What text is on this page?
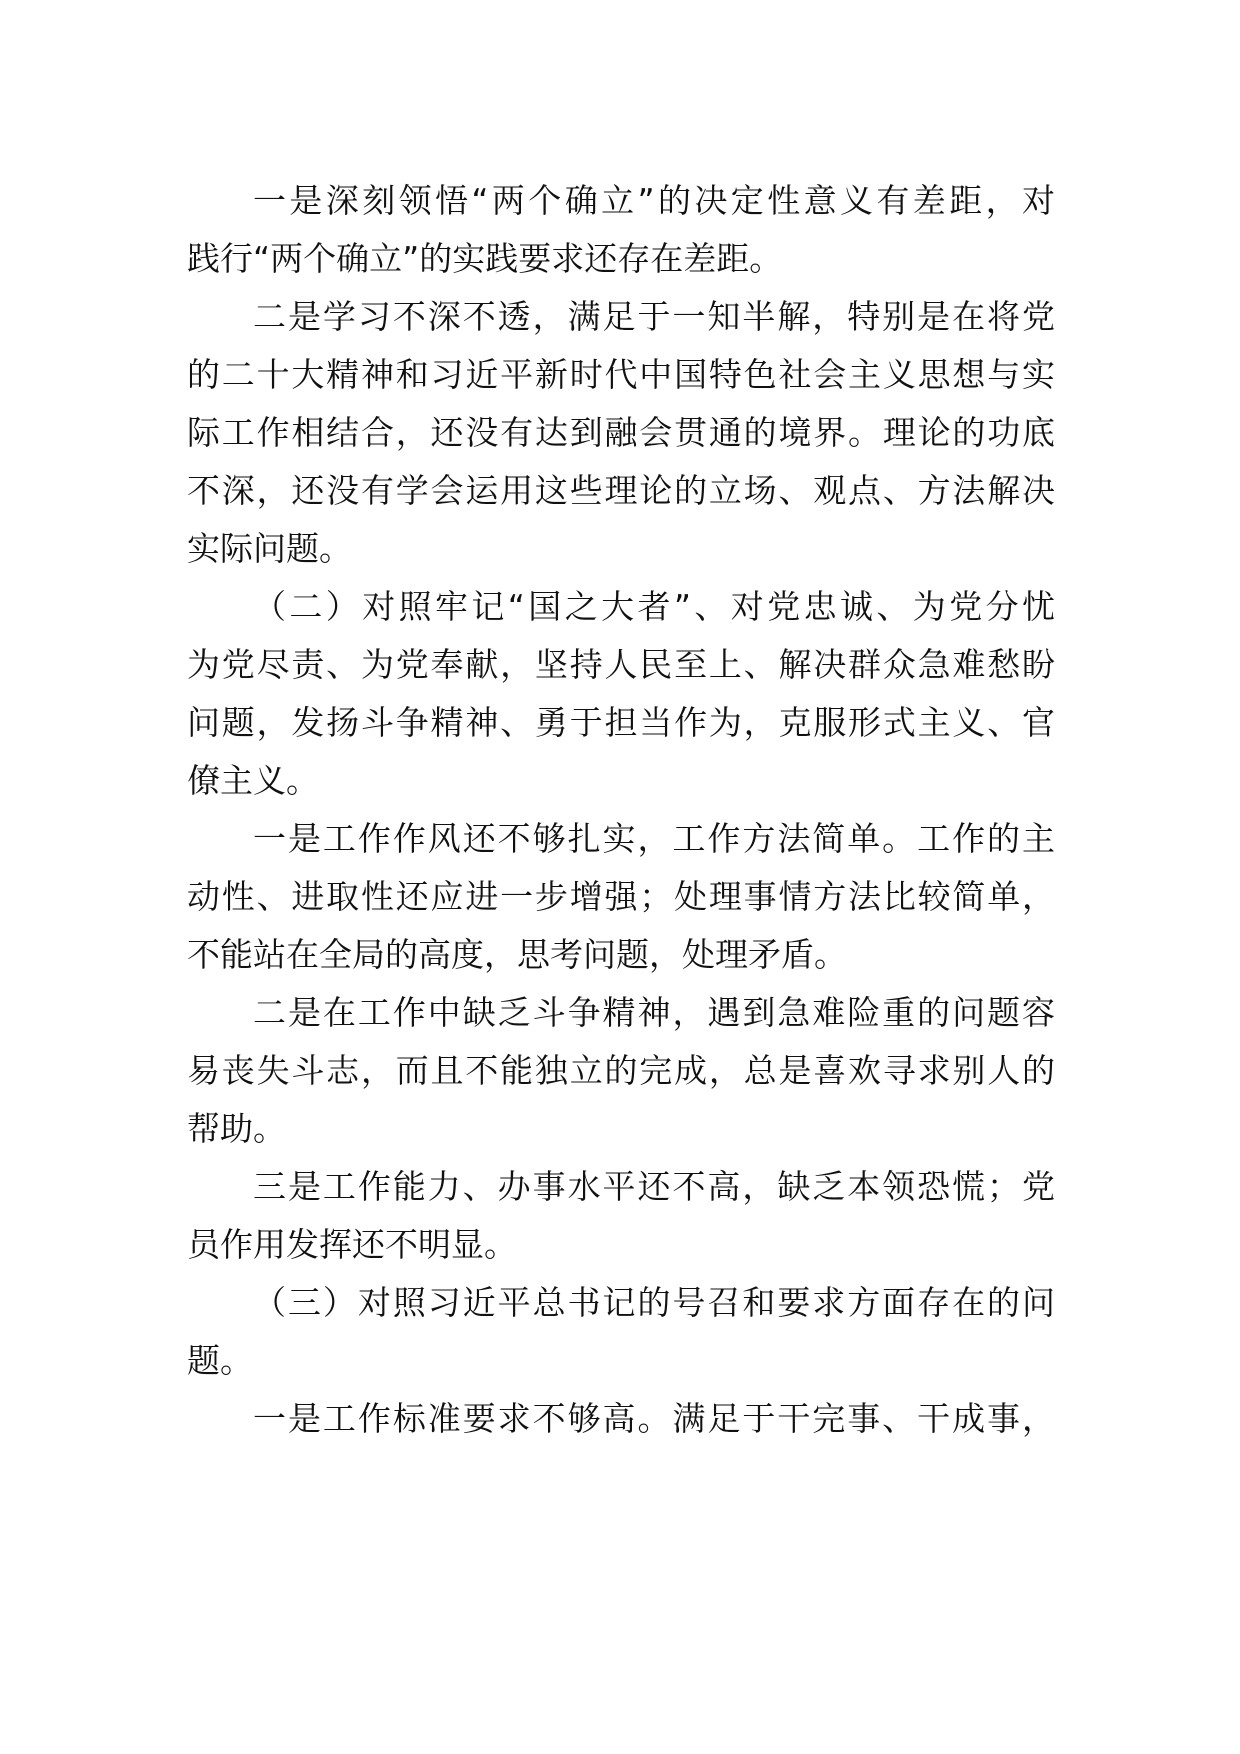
一是深刻领悟“两个确立”的决定性意义有差距，对
践行“两个确立”的实践要求还存在差距。
二是学习不深不透，满足于一知半解，特别是在将党
的二十大精神和习近平新时代中国特色社会主义思想与实
际工作相结合，还没有达到融会贯通的境界。理论的功底
不深，还没有学会运用这些理论的立场、观点、方法解决
实际问题。
（二）对照牢记“国之大者”、对党忠诚、为党分忧
为党尽责、为党奉献，坚持人民至上、解决群众急难愁盼
问题，发扬斗争精神、勇于担当作为，克服形式主义、官
僚主义。
一是工作作风还不够扎实，工作方法简单。工作的主
动性、进取性还应进一步增强；处理事情方法比较简单，
不能站在全局的高度，思考问题，处理矛盾。
二是在工作中缺乏斗争精神，遇到急难险重的问题容
易丧失斗志，而且不能独立的完成，总是喜欢寻求别人的
帮助。
三是工作能力、办事水平还不高，缺乏本领恐慌；党
员作用发挥还不明显。
（三）对照习近平总书记的号召和要求方面存在的问
题。
一是工作标准要求不够高。满足于干完事、干成事，
